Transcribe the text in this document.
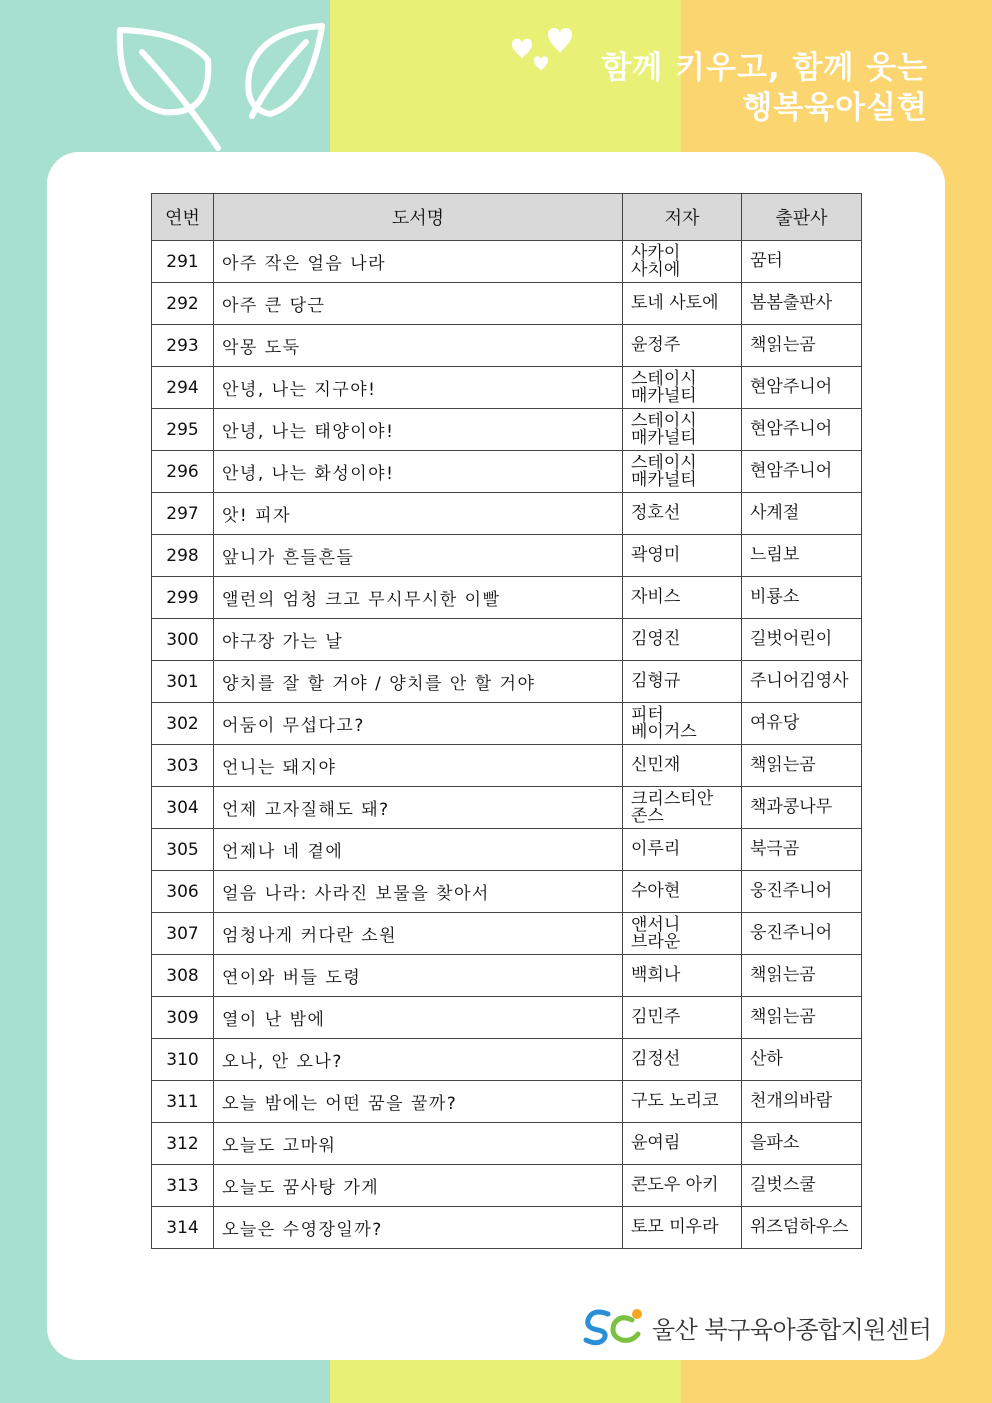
함께 키우고, 함께 웃는
행복육아실현
연번	도서명	저자	출판사
291	아주 작은 얼음 나라	사카이 사치에	꿈터
292	아주 큰 당근	토네 사토에	봄봄출판사
293	악몽 도둑	윤정주	책읽는곰
294	안녕, 나는 지구야!	스테이시 매카널티	현암주니어
295	안녕, 나는 태양이야!	스테이시 매카널티	현암주니어
296	안녕, 나는 화성이야!	스테이시 매카널티	현암주니어
297	앗! 피자	정호선	사계절
298	앞니가 흔들흔들	곽영미	느림보
299	앨런의 엄청 크고 무시무시한 이빨	자비스	비룡소
300	야구장 가는 날	김영진	길벗어린이
301	양치를 잘 할 거야 / 양치를 안 할 거야	김형규	주니어김영사
302	어둠이 무섭다고?	피터 베이거스	여유당
303	언니는 돼지야	신민재	책읽는곰
304	언제 고자질해도 돼?	크리스티안 존스	책과콩나무
305	언제나 네 곁에	이루리	북극곰
306	얼음 나라: 사라진 보물을 찾아서	수아현	웅진주니어
307	엄청나게 커다란 소원	앤서니 브라운	웅진주니어
308	연이와 버들 도령	백희나	책읽는곰
309	열이 난 밤에	김민주	책읽는곰
310	오나, 안 오나?	김정선	산하
311	오늘 밤에는 어떤 꿈을 꿀까?	구도 노리코	천개의바람
312	오늘도 고마워	윤여림	을파소
313	오늘도 꿈사탕 가게	콘도우 아키	길벗스쿨
314	오늘은 수영장일까?	토모 미우라	위즈덤하우스
울산 북구육아종합지원센터
